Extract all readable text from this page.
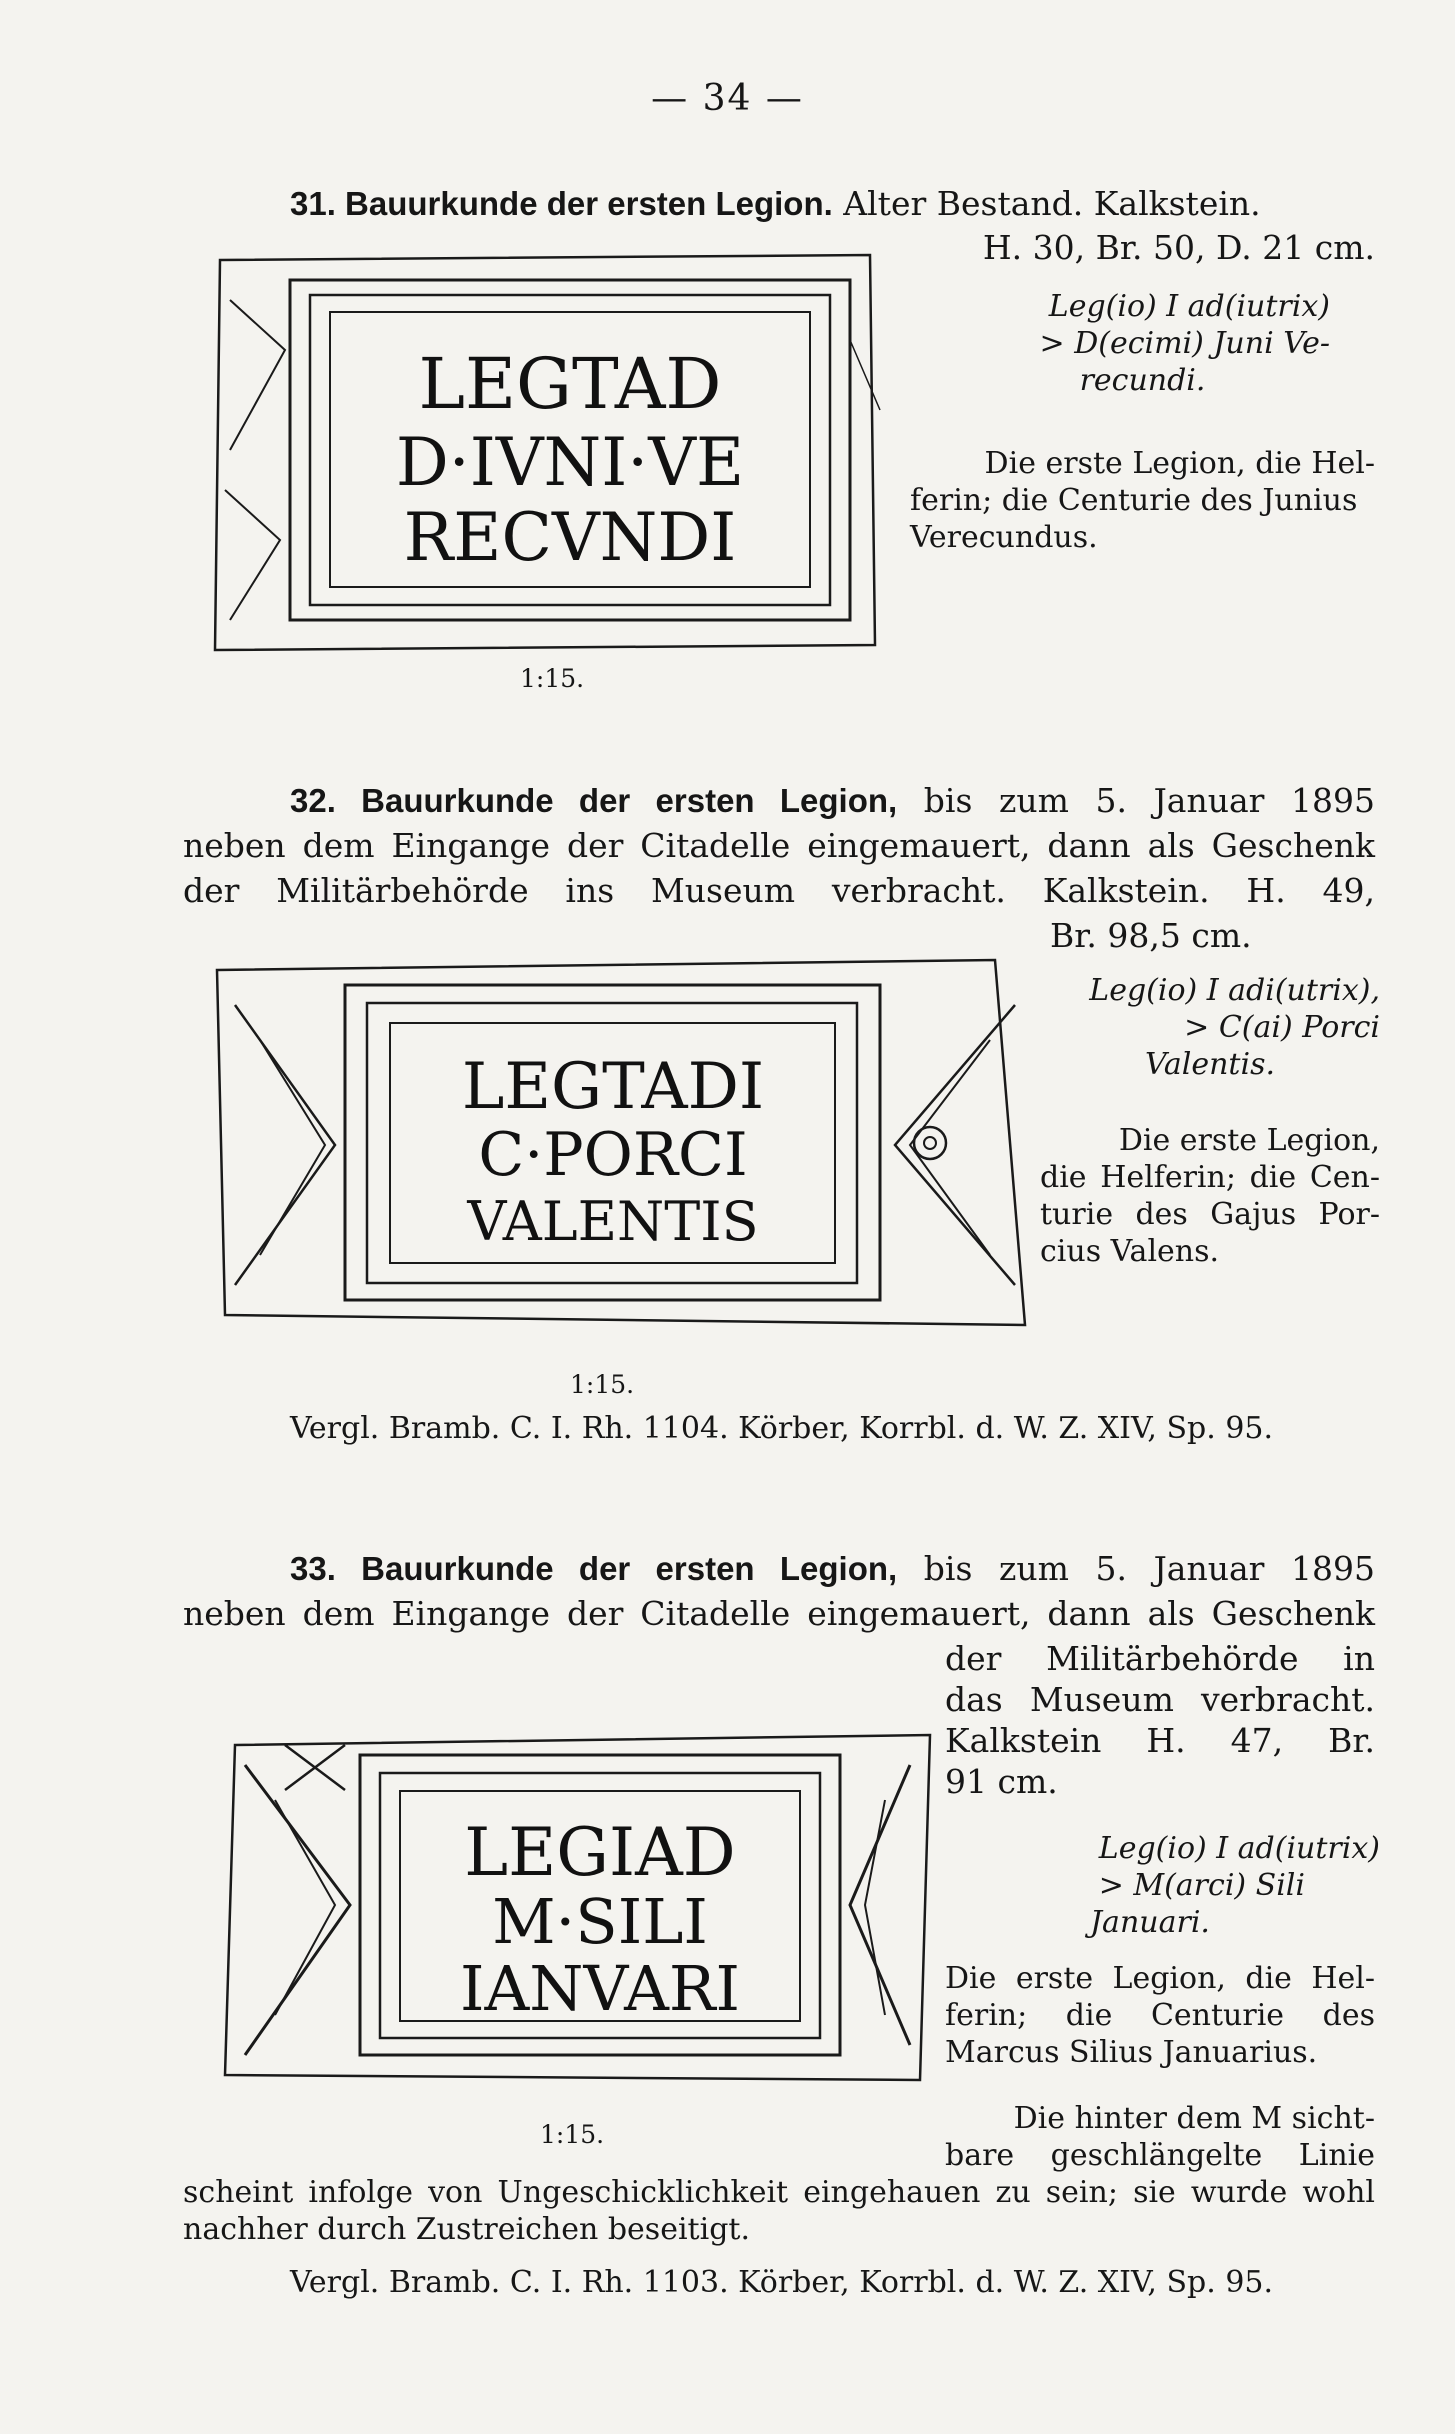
— 34 —
31. Bauurkunde der ersten Legion. Alter Bestand. Kalkstein.
H. 30, Br. 50, D. 21 cm.
LEGTAD
D·IVNI·VE
RECVNDI
1:15.
Leg(io) I ad(iutrix)
> D(ecimi) Juni Ve-
recundi.
Die erste Legion, die Hel-
ferin; die Centurie des Junius
Verecundus.
32. Bauurkunde der ersten Legion, bis zum 5. Januar 1895
neben dem Eingange der Citadelle eingemauert, dann als Geschenk
der Militärbehörde ins Museum verbracht. Kalkstein. H. 49,
Br. 98,5 cm.
LEGTADI
C·PORCI
VALENTIS
1:15.
Leg(io) I adi(utrix),
> C(ai) Porci
Valentis.
Die erste Legion,
die Helferin; die Cen-
turie des Gajus Por-
cius Valens.
Vergl. Bramb. C. I. Rh. 1104. Körber, Korrbl. d. W. Z. XIV, Sp. 95.
33. Bauurkunde der ersten Legion, bis zum 5. Januar 1895
neben dem Eingange der Citadelle eingemauert, dann als Geschenk
der Militärbehörde in
das Museum verbracht.
Kalkstein H. 47, Br.
91 cm.
LEGIAD
M·SILI
IANVARI
1:15.
Leg(io) I ad(iutrix)
> M(arci) Sili
Januari.
Die erste Legion, die Hel-
ferin; die Centurie des
Marcus Silius Januarius.
Die hinter dem M sicht-
bare geschlängelte Linie
scheint infolge von Ungeschicklichkeit eingehauen zu sein; sie wurde wohl
nachher durch Zustreichen beseitigt.
Vergl. Bramb. C. I. Rh. 1103. Körber, Korrbl. d. W. Z. XIV, Sp. 95.
